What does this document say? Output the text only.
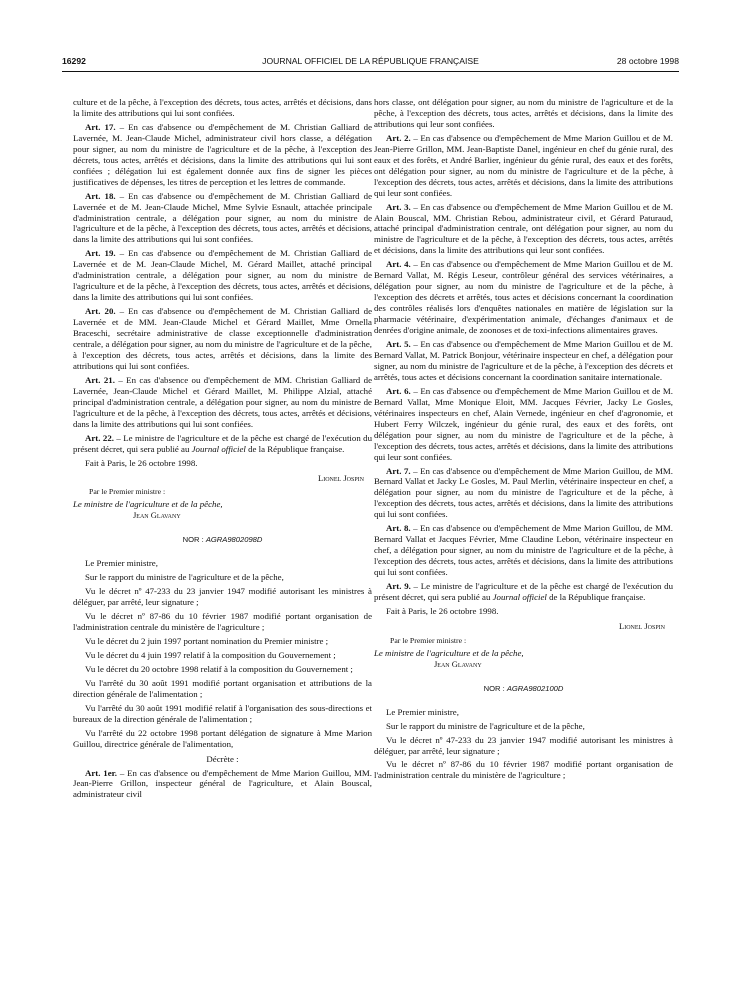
16292	JOURNAL OFFICIEL DE LA RÉPUBLIQUE FRANÇAISE	28 octobre 1998

culture et de la pêche, à l'exception des décrets, tous actes, arrêtés et décisions, dans la limite des attributions qui lui sont confiées.

Art. 17. – En cas d'absence ou d'empêchement de M. Christian Galliard de Lavernée, M. Jean-Claude Michel, administrateur civil hors classe, a délégation pour signer, au nom du ministre de l'agriculture et de la pêche, à l'exception des décrets, tous actes, arrêtés et décisions, dans la limite des attributions qui lui sont confiées ; délégation lui est également donnée aux fins de signer les pièces justificatives de dépenses, les titres de perception et les lettres de commande.

Art. 18. – En cas d'absence ou d'empêchement de M. Christian Galliard de Lavernée et de M. Jean-Claude Michel, Mme Sylvie Esnault, attachée principale d'administration centrale, a délégation pour signer, au nom du ministre de l'agriculture et de la pêche, à l'exception des décrets, tous actes, arrêtés et décisions, dans la limite des attributions qui lui sont confiées.

Art. 19. – En cas d'absence ou d'empêchement de M. Christian Galliard de Lavernée et de M. Jean-Claude Michel, M. Gérard Maillet, attaché principal d'administration centrale, a délégation pour signer, au nom du ministre de l'agriculture et de la pêche, à l'exception des décrets, tous actes, arrêtés et décisions, dans la limite des attributions qui lui sont confiées.

Art. 20. – En cas d'absence ou d'empêchement de M. Christian Galliard de Lavernée et de MM. Jean-Claude Michel et Gérard Maillet, Mme Ornella Braceschi, secrétaire administrative de classe exceptionnelle d'administration centrale, a délégation pour signer, au nom du ministre de l'agriculture et de la pêche, à l'exception des décrets, tous actes, arrêtés et décisions, dans la limite des attributions qui lui sont confiées.

Art. 21. – En cas d'absence ou d'empêchement de MM. Christian Galliard de Lavernée, Jean-Claude Michel et Gérard Maillet, M. Philippe Alzial, attaché principal d'administration centrale, a délégation pour signer, au nom du ministre de l'agriculture et de la pêche, à l'exception des décrets, tous actes, arrêtés et décisions, dans la limite des attributions qui lui sont confiées.

Art. 22. – Le ministre de l'agriculture et de la pêche est chargé de l'exécution du présent décret, qui sera publié au Journal officiel de la République française.

Fait à Paris, le 26 octobre 1998.

Lionel Jospin
Par le Premier ministre :
Le ministre de l'agriculture et de la pêche,
Jean Glavany
NOR : AGRA9802098D

Le Premier ministre,

Sur le rapport du ministre de l'agriculture et de la pêche,

Vu le décret nº 47-233 du 23 janvier 1947 modifié autorisant les ministres à déléguer, par arrêté, leur signature ;

Vu le décret nº 87-86 du 10 février 1987 modifié portant organisation de l'administration centrale du ministère de l'agriculture ;

Vu le décret du 2 juin 1997 portant nomination du Premier ministre ;

Vu le décret du 4 juin 1997 relatif à la composition du Gouvernement ;

Vu le décret du 20 octobre 1998 relatif à la composition du Gouvernement ;

Vu l'arrêté du 30 août 1991 modifié portant organisation et attributions de la direction générale de l'alimentation ;

Vu l'arrêté du 30 août 1991 modifié relatif à l'organisation des sous-directions et bureaux de la direction générale de l'alimentation ;

Vu l'arrêté du 22 octobre 1998 portant délégation de signature à Mme Marion Guillou, directrice générale de l'alimentation,

Décrète :

Art. 1er. – En cas d'absence ou d'empêchement de Mme Marion Guillou, MM. Jean-Pierre Grillon, inspecteur général de l'agriculture, et Alain Bouscal, administrateur civil

hors classe, ont délégation pour signer, au nom du ministre de l'agriculture et de la pêche, à l'exception des décrets, tous actes, arrêtés et décisions, dans la limite des attributions qui leur sont confiées.

Art. 2. – En cas d'absence ou d'empêchement de Mme Marion Guillou et de M. Jean-Pierre Grillon, MM. Jean-Baptiste Danel, ingénieur en chef du génie rural, des eaux et des forêts, et André Barlier, ingénieur du génie rural, des eaux et des forêts, ont délégation pour signer, au nom du ministre de l'agriculture et de la pêche, à l'exception des décrets, tous actes, arrêtés et décisions, dans la limite des attributions qui leur sont confiées.

Art. 3. – En cas d'absence ou d'empêchement de Mme Marion Guillou et de M. Alain Bouscal, MM. Christian Rebou, administrateur civil, et Gérard Paturaud, attaché principal d'administration centrale, ont délégation pour signer, au nom du ministre de l'agriculture et de la pêche, à l'exception des décrets, tous actes, arrêtés et décisions, dans la limite des attributions qui leur sont confiées.

Art. 4. – En cas d'absence ou d'empêchement de Mme Marion Guillou et de M. Bernard Vallat, M. Régis Leseur, contrôleur général des services vétérinaires, a délégation pour signer, au nom du ministre de l'agriculture et de la pêche, à l'exception des décrets et arrêtés, tous actes et décisions concernant la coordination des contrôles réalisés lors d'enquêtes nationales en matière de législation sur la pharmacie vétérinaire, d'expérimentation animale, d'échanges d'animaux et de denrées d'origine animale, de zoonoses et de toxi-infections alimentaires graves.

Art. 5. – En cas d'absence ou d'empêchement de Mme Marion Guillou et de M. Bernard Vallat, M. Patrick Bonjour, vétérinaire inspecteur en chef, a délégation pour signer, au nom du ministre de l'agriculture et de la pêche, à l'exception des décrets et arrêtés, tous actes et décisions concernant la coordination sanitaire internationale.

Art. 6. – En cas d'absence ou d'empêchement de Mme Marion Guillou et de M. Bernard Vallat, Mme Monique Eloit, MM. Jacques Février, Jacky Le Gosles, vétérinaires inspecteurs en chef, Alain Vernede, ingénieur en chef d'agronomie, et Hubert Ferry Wilczek, ingénieur du génie rural, des eaux et des forêts, ont délégation pour signer, au nom du ministre de l'agriculture et de la pêche, à l'exception des décrets, tous actes, arrêtés et décisions, dans la limite des attributions qui leur sont confiées.

Art. 7. – En cas d'absence ou d'empêchement de Mme Marion Guillou, de MM. Bernard Vallat et Jacky Le Gosles, M. Paul Merlin, vétérinaire inspecteur en chef, a délégation pour signer, au nom du ministre de l'agriculture et de la pêche, à l'exception des décrets, tous actes, arrêtés et décisions, dans la limite des attributions qui lui sont confiées.

Art. 8. – En cas d'absence ou d'empêchement de Mme Marion Guillou, de MM. Bernard Vallat et Jacques Février, Mme Claudine Lebon, vétérinaire inspecteur en chef, a délégation pour signer, au nom du ministre de l'agriculture et de la pêche, à l'exception des décrets, tous actes, arrêtés et décisions, dans la limite des attributions qui lui sont confiées.

Art. 9. – Le ministre de l'agriculture et de la pêche est chargé de l'exécution du présent décret, qui sera publié au Journal officiel de la République française.

Fait à Paris, le 26 octobre 1998.

Lionel Jospin
Par le Premier ministre :
Le ministre de l'agriculture et de la pêche,
Jean Glavany
NOR : AGRA9802100D

Le Premier ministre,

Sur le rapport du ministre de l'agriculture et de la pêche,

Vu le décret nº 47-233 du 23 janvier 1947 modifié autorisant les ministres à déléguer, par arrêté, leur signature ;

Vu le décret nº 87-86 du 10 février 1987 modifié portant organisation de l'administration centrale du ministère de l'agriculture ;
